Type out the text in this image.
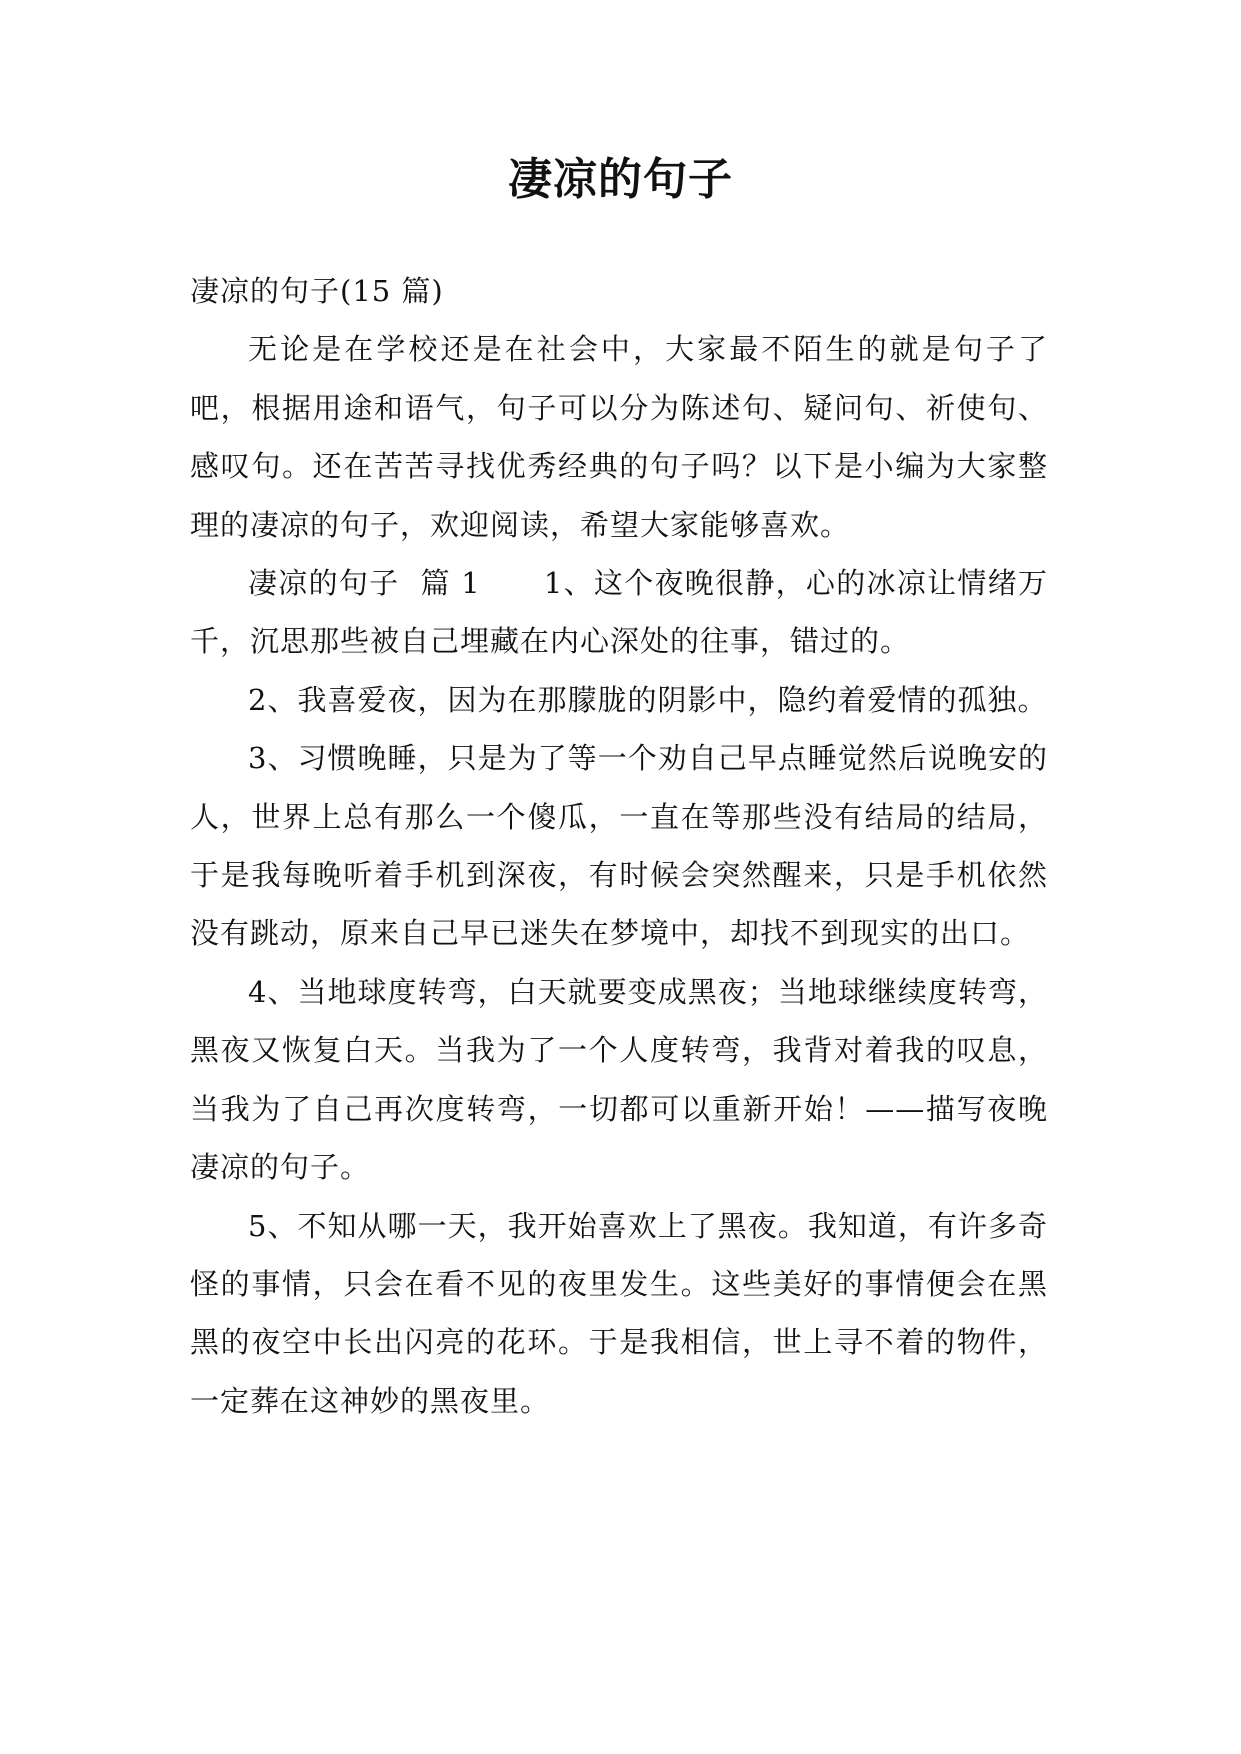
凄凉的句子

凄凉的句子(15 篇)

无论是在学校还是在社会中，大家最不陌生的就是句子了吧，根据用途和语气，句子可以分为陈述句、疑问句、祈使句、感叹句。还在苦苦寻找优秀经典的句子吗？以下是小编为大家整理的凄凉的句子，欢迎阅读，希望大家能够喜欢。

凄凉的句子  篇 1      1、这个夜晚很静，心的冰凉让情绪万千，沉思那些被自己埋藏在内心深处的往事，错过的。

2、我喜爱夜，因为在那朦胧的阴影中，隐约着爱情的孤独。

3、习惯晚睡，只是为了等一个劝自己早点睡觉然后说晚安的人，世界上总有那么一个傻瓜，一直在等那些没有结局的结局，于是我每晚听着手机到深夜，有时候会突然醒来，只是手机依然没有跳动，原来自己早已迷失在梦境中，却找不到现实的出口。

4、当地球度转弯，白天就要变成黑夜；当地球继续度转弯，黑夜又恢复白天。当我为了一个人度转弯，我背对着我的叹息，当我为了自己再次度转弯，一切都可以重新开始！——描写夜晚凄凉的句子。

5、不知从哪一天，我开始喜欢上了黑夜。我知道，有许多奇怪的事情，只会在看不见的夜里发生。这些美好的事情便会在黑黑的夜空中长出闪亮的花环。于是我相信，世上寻不着的物件，一定葬在这神妙的黑夜里。
